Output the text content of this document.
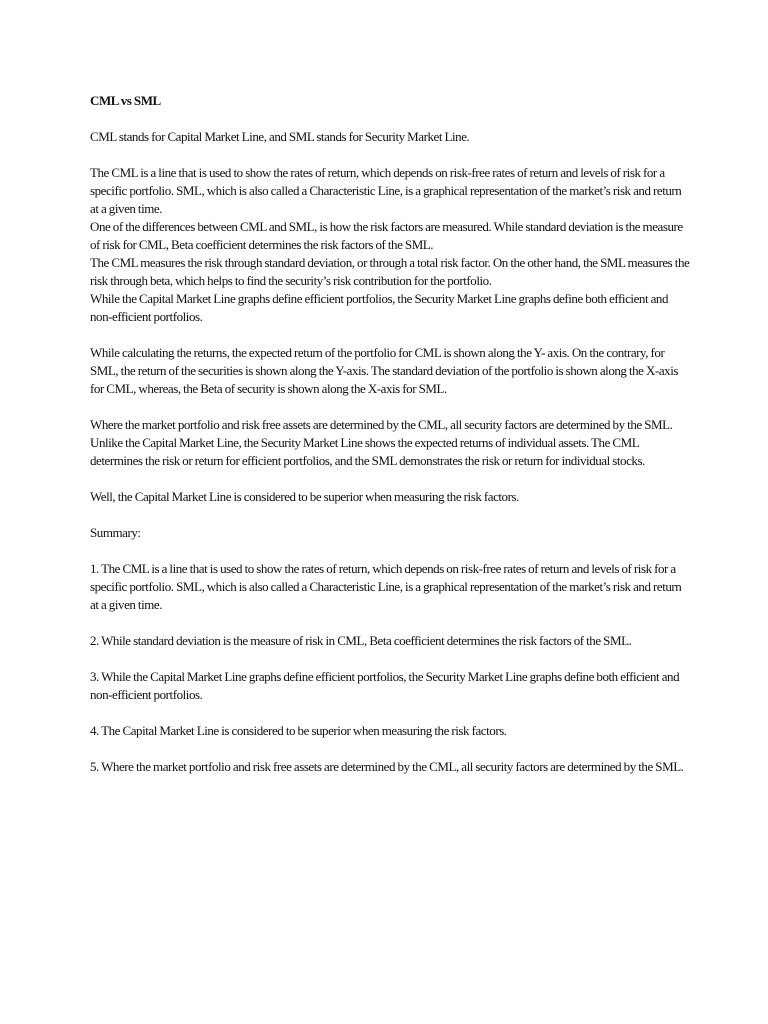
CML vs SML

CML stands for Capital Market Line, and SML stands for Security Market Line.

The CML is a line that is used to show the rates of return, which depends on risk-free rates of return and levels of risk for a specific portfolio. SML, which is also called a Characteristic Line, is a graphical representation of the market’s risk and return at a given time.

One of the differences between CML and SML, is how the risk factors are measured. While standard deviation is the measure of risk for CML, Beta coefficient determines the risk factors of the SML.

The CML measures the risk through standard deviation, or through a total risk factor. On the other hand, the SML measures the risk through beta, which helps to find the security’s risk contribution for the portfolio.

While the Capital Market Line graphs define efficient portfolios, the Security Market Line graphs define both efficient and non-efficient portfolios.

While calculating the returns, the expected return of the portfolio for CML is shown along the Y- axis. On the contrary, for SML, the return of the securities is shown along the Y-axis. The standard deviation of the portfolio is shown along the X-axis for CML, whereas, the Beta of security is shown along the X-axis for SML.

Where the market portfolio and risk free assets are determined by the CML, all security factors are determined by the SML.

Unlike the Capital Market Line, the Security Market Line shows the expected returns of individual assets. The CML determines the risk or return for efficient portfolios, and the SML demonstrates the risk or return for individual stocks.

Well, the Capital Market Line is considered to be superior when measuring the risk factors.

Summary:

1. The CML is a line that is used to show the rates of return, which depends on risk-free rates of return and levels of risk for a specific portfolio. SML, which is also called a Characteristic Line, is a graphical representation of the market’s risk and return at a given time.

2. While standard deviation is the measure of risk in CML, Beta coefficient determines the risk factors of the SML.

3. While the Capital Market Line graphs define efficient portfolios, the Security Market Line graphs define both efficient and non-efficient portfolios.

4. The Capital Market Line is considered to be superior when measuring the risk factors.

5. Where the market portfolio and risk free assets are determined by the CML, all security factors are determined by the SML.
